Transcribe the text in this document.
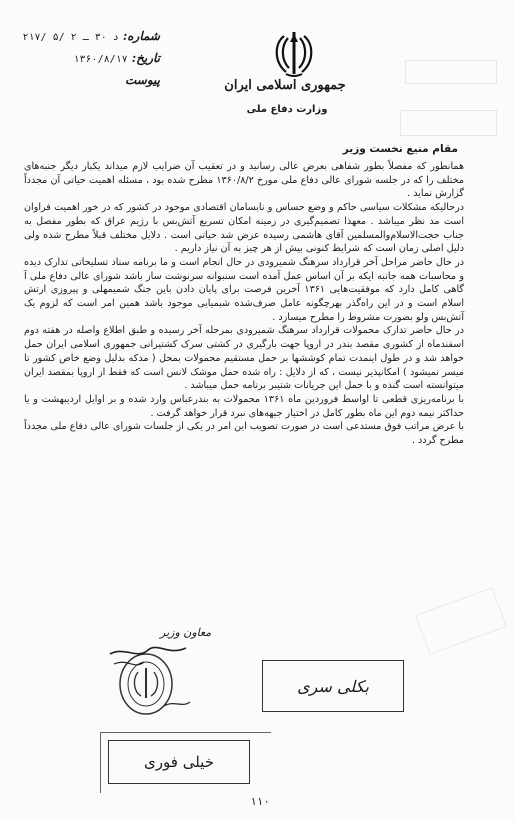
شماره:
۲۱۷/ ۵/ ۲ د ۳۰ ـ
تاریخ:
۱۳۶۰/۸/۱۷
پیوست	جمهوری اسلامی ایران
وزارت دفاع ملی
مقام منیع نخست وزیر

همانطور که مفصلاً بطور شفاهی بعرض عالی رسانید و در تعقیب آن ضرایب لازم میداند یکبار دیگر جنبه‌های مختلف را که در جلسه شورای عالی دفاع ملی مورخ ۱۳۶۰/۸/۲ مطرح شده بود ، مسئله اهمیت حیاتی آن مجدداً گزارش نماید .

درحالیکه مشکلات سیاسی حاکم و وضع حساس و نابسامان اقتصادی موجود در کشور که در خور اهمیت فراوان است مد نظر میباشد . معهذا تصمیم‌گیری در زمینه امکان تسریع آتش‌بس با رژیم عراق که بطور مفصل به جناب حجت‌الاسلام‌والمسلمین آقای هاشمی رسیده عرض شد حیاتی است . دلایل مختلف قبلاً مطرح شده ولی دلیل اصلی زمان است که شرایط کنونی بیش از هر چیز به آن نیاز داریم .

در حال حاضر مراحل آخر قرارداد سرهنگ شمیرودی در حال انجام است و ما برنامه سناد تسلیحاتی تدارک دیده و محاسبات همه جانبه ایکه بر آن اساس عمل آمده است سنبوانه سرنوشت ساز باشد شورای عالی دفاع ملی آ گاهی کامل دارد که موفقیت‌هایی ۱۳۶۱ آخرین فرصت برای پایان دادن باین جنگ شمیمهلی و پیروزی ارتش اسلام است و در این راه‌گذر بهرچگونه عامل صرف‌شده شیمیایی موجود باشد همین امر است که لزوم یک آتش‌بس ولو بصورت مشروط را مطرح میسازد .

در حال حاضر تدارک محمولات قرارداد سرهنگ شمیرودی بمرحله آخر رسیده و طبق اطلاع واصله در هفته دوم اسفندماه از کشوری مقصد بندر در اروپا جهت بارگیری در کشتی سرک کشتیرانی جمهوری اسلامی ایران حمل خواهد شد و در طول اینمدت تمام کوششها بر حمل مستقیم محمولات بمحل ( مدکه بدلیل وضع خاص کشور تا میسر نمیشود ) امکانپذیر نیست ، که از دلایل : راه شده حمل موشک لانس است که فقط از اروپا بمقصد ایران میتوانسته است گنده و با حمل این جریانات شتیبر برنامه حمل میباشد .

با برنامه‌ریزی قطعی تا اواسط فروردین ماه ۱۳۶۱ محمولات به بندرعباس وارد شده و بر اوایل اردیبهشت و یا حداکثر نیمه دوم این ماه بطور کامل در اختیار جبهه‌های نبرد قرار خواهد گرفت .

با عرض مراتب فوق مستدعی است در صورت تصویب این امر در یکی از جلسات شورای عالی دفاع ملی مجدداً مطرح گردد .

معاون وزیر
بکلی سری
خیلی فوری
۱۱۰
